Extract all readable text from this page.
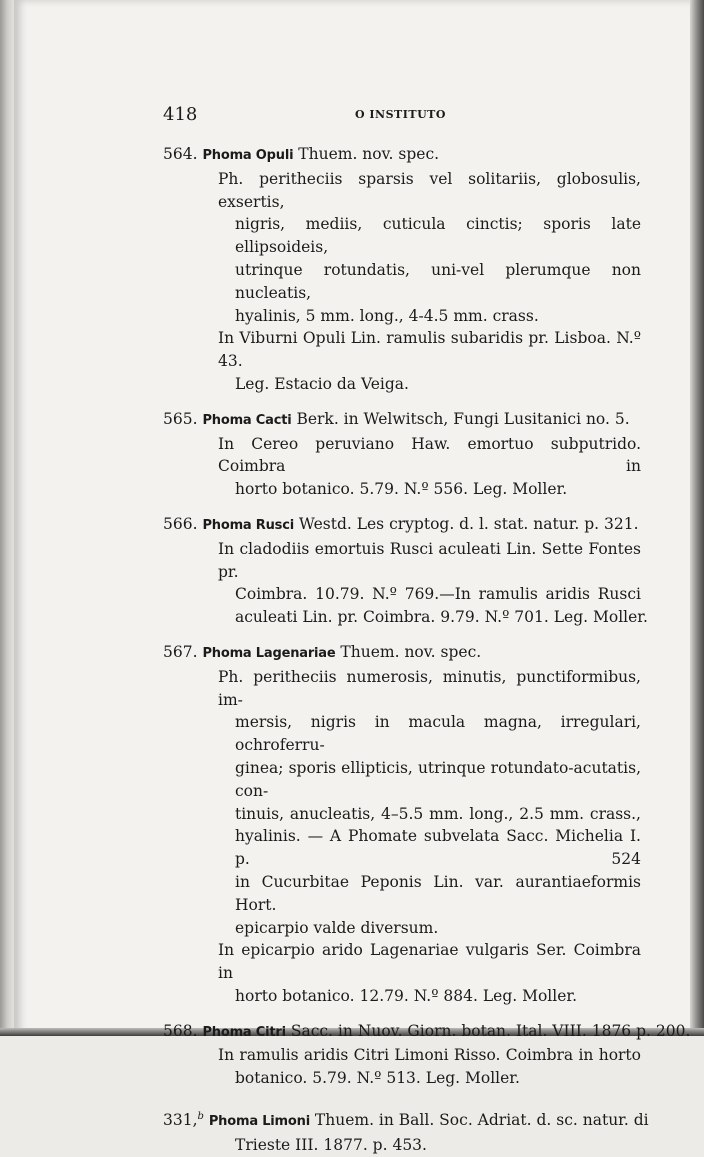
418	O INSTITUTO
564. Phoma Opuli Thuem. nov. spec.
Ph. peritheciis sparsis vel solitariis, globosulis, exsertis,
nigris, mediis, cuticula cinctis; sporis late ellipsoideis,
utrinque rotundatis, uni-vel plerumque non nucleatis,
hyalinis, 5 mm. long., 4-4.5 mm. crass.
In Viburni Opuli Lin. ramulis subaridis pr. Lisboa. N.º 43.
Leg. Estacio da Veiga.
565. Phoma Cacti Berk. in Welwitsch, Fungi Lusitanici no. 5.
In Cereo peruviano Haw. emortuo subputrido. Coimbra in
horto botanico. 5.79. N.º 556. Leg. Moller.
566. Phoma Rusci Westd. Les cryptog. d. l. stat. natur. p. 321.
In cladodiis emortuis Rusci aculeati Lin. Sette Fontes pr.
Coimbra. 10.79. N.º 769.—In ramulis aridis Rusci
aculeati Lin. pr. Coimbra. 9.79. N.º 701. Leg. Moller.
567. Phoma Lagenariae Thuem. nov. spec.
Ph. peritheciis numerosis, minutis, punctiformibus, im-
mersis, nigris in macula magna, irregulari, ochroferru-
ginea; sporis ellipticis, utrinque rotundato-acutatis, con-
tinuis, anucleatis, 4–5.5 mm. long., 2.5 mm. crass.,
hyalinis. — A Phomate subvelata Sacc. Michelia I. p. 524
in Cucurbitae Peponis Lin. var. aurantiaeformis Hort.
epicarpio valde diversum.
In epicarpio arido Lagenariae vulgaris Ser. Coimbra in
horto botanico. 12.79. N.º 884. Leg. Moller.
568. Phoma Citri Sacc. in Nuov. Giorn. botan. Ital. VIII. 1876 p. 200.
In ramulis aridis Citri Limoni Risso. Coimbra in horto
botanico. 5.79. N.º 513. Leg. Moller.
331,$^b$ Phoma Limoni Thuem. in Ball. Soc. Adriat. d. sc. natur. di
Trieste III. 1877. p. 453.
